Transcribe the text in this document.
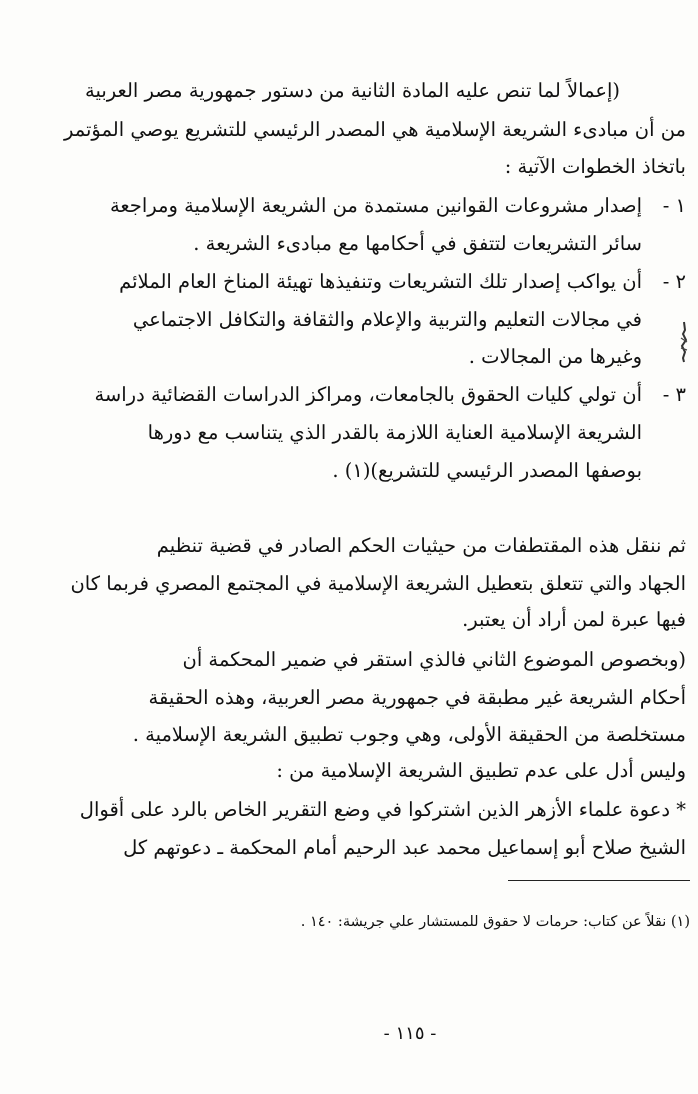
(إعمالاً لما تنص عليه المادة الثانية من دستور جمهورية مصر العربية
من أن مبادىء الشريعة الإسلامية هي المصدر الرئيسي للتشريع يوصي المؤتمر
باتخاذ الخطوات الآتية :
١ -
إصدار مشروعات القوانين مستمدة من الشريعة الإسلامية ومراجعة
سائر التشريعات لتتفق في أحكامها مع مبادىء الشريعة .
٢ -
أن يواكب إصدار تلك التشريعات وتنفيذها تهيئة المناخ العام الملائم
في مجالات التعليم والتربية والإعلام والثقافة والتكافل الاجتماعي
وغيرها من المجالات .
٣ -
أن تولي كليات الحقوق بالجامعات، ومراكز الدراسات القضائية دراسة
الشريعة الإسلامية العناية اللازمة بالقدر الذي يتناسب مع دورها
بوصفها المصدر الرئيسي للتشريع)(١) .
ثم ننقل هذه المقتطفات من حيثيات الحكم الصادر في قضية تنظيم
الجهاد والتي تتعلق بتعطيل الشريعة الإسلامية في المجتمع المصري فربما كان
فيها عبرة لمن أراد أن يعتبر.
(وبخصوص الموضوع الثاني فالذي استقر في ضمير المحكمة أن
أحكام الشريعة غير مطبقة في جمهورية مصر العربية، وهذه الحقيقة
مستخلصة من الحقيقة الأولى، وهي وجوب تطبيق الشريعة الإسلامية .
وليس أدل على عدم تطبيق الشريعة الإسلامية من :
* دعوة علماء الأزهر الذين اشتركوا في وضع التقرير الخاص بالرد على أقوال
الشيخ صلاح أبو إسماعيل محمد عبد الرحيم أمام المحكمة ـ دعوتهم كل
(١) نقلاً عن كتاب: حرمات لا حقوق للمستشار علي جريشة: ١٤٠ .
- ١١٥ -
